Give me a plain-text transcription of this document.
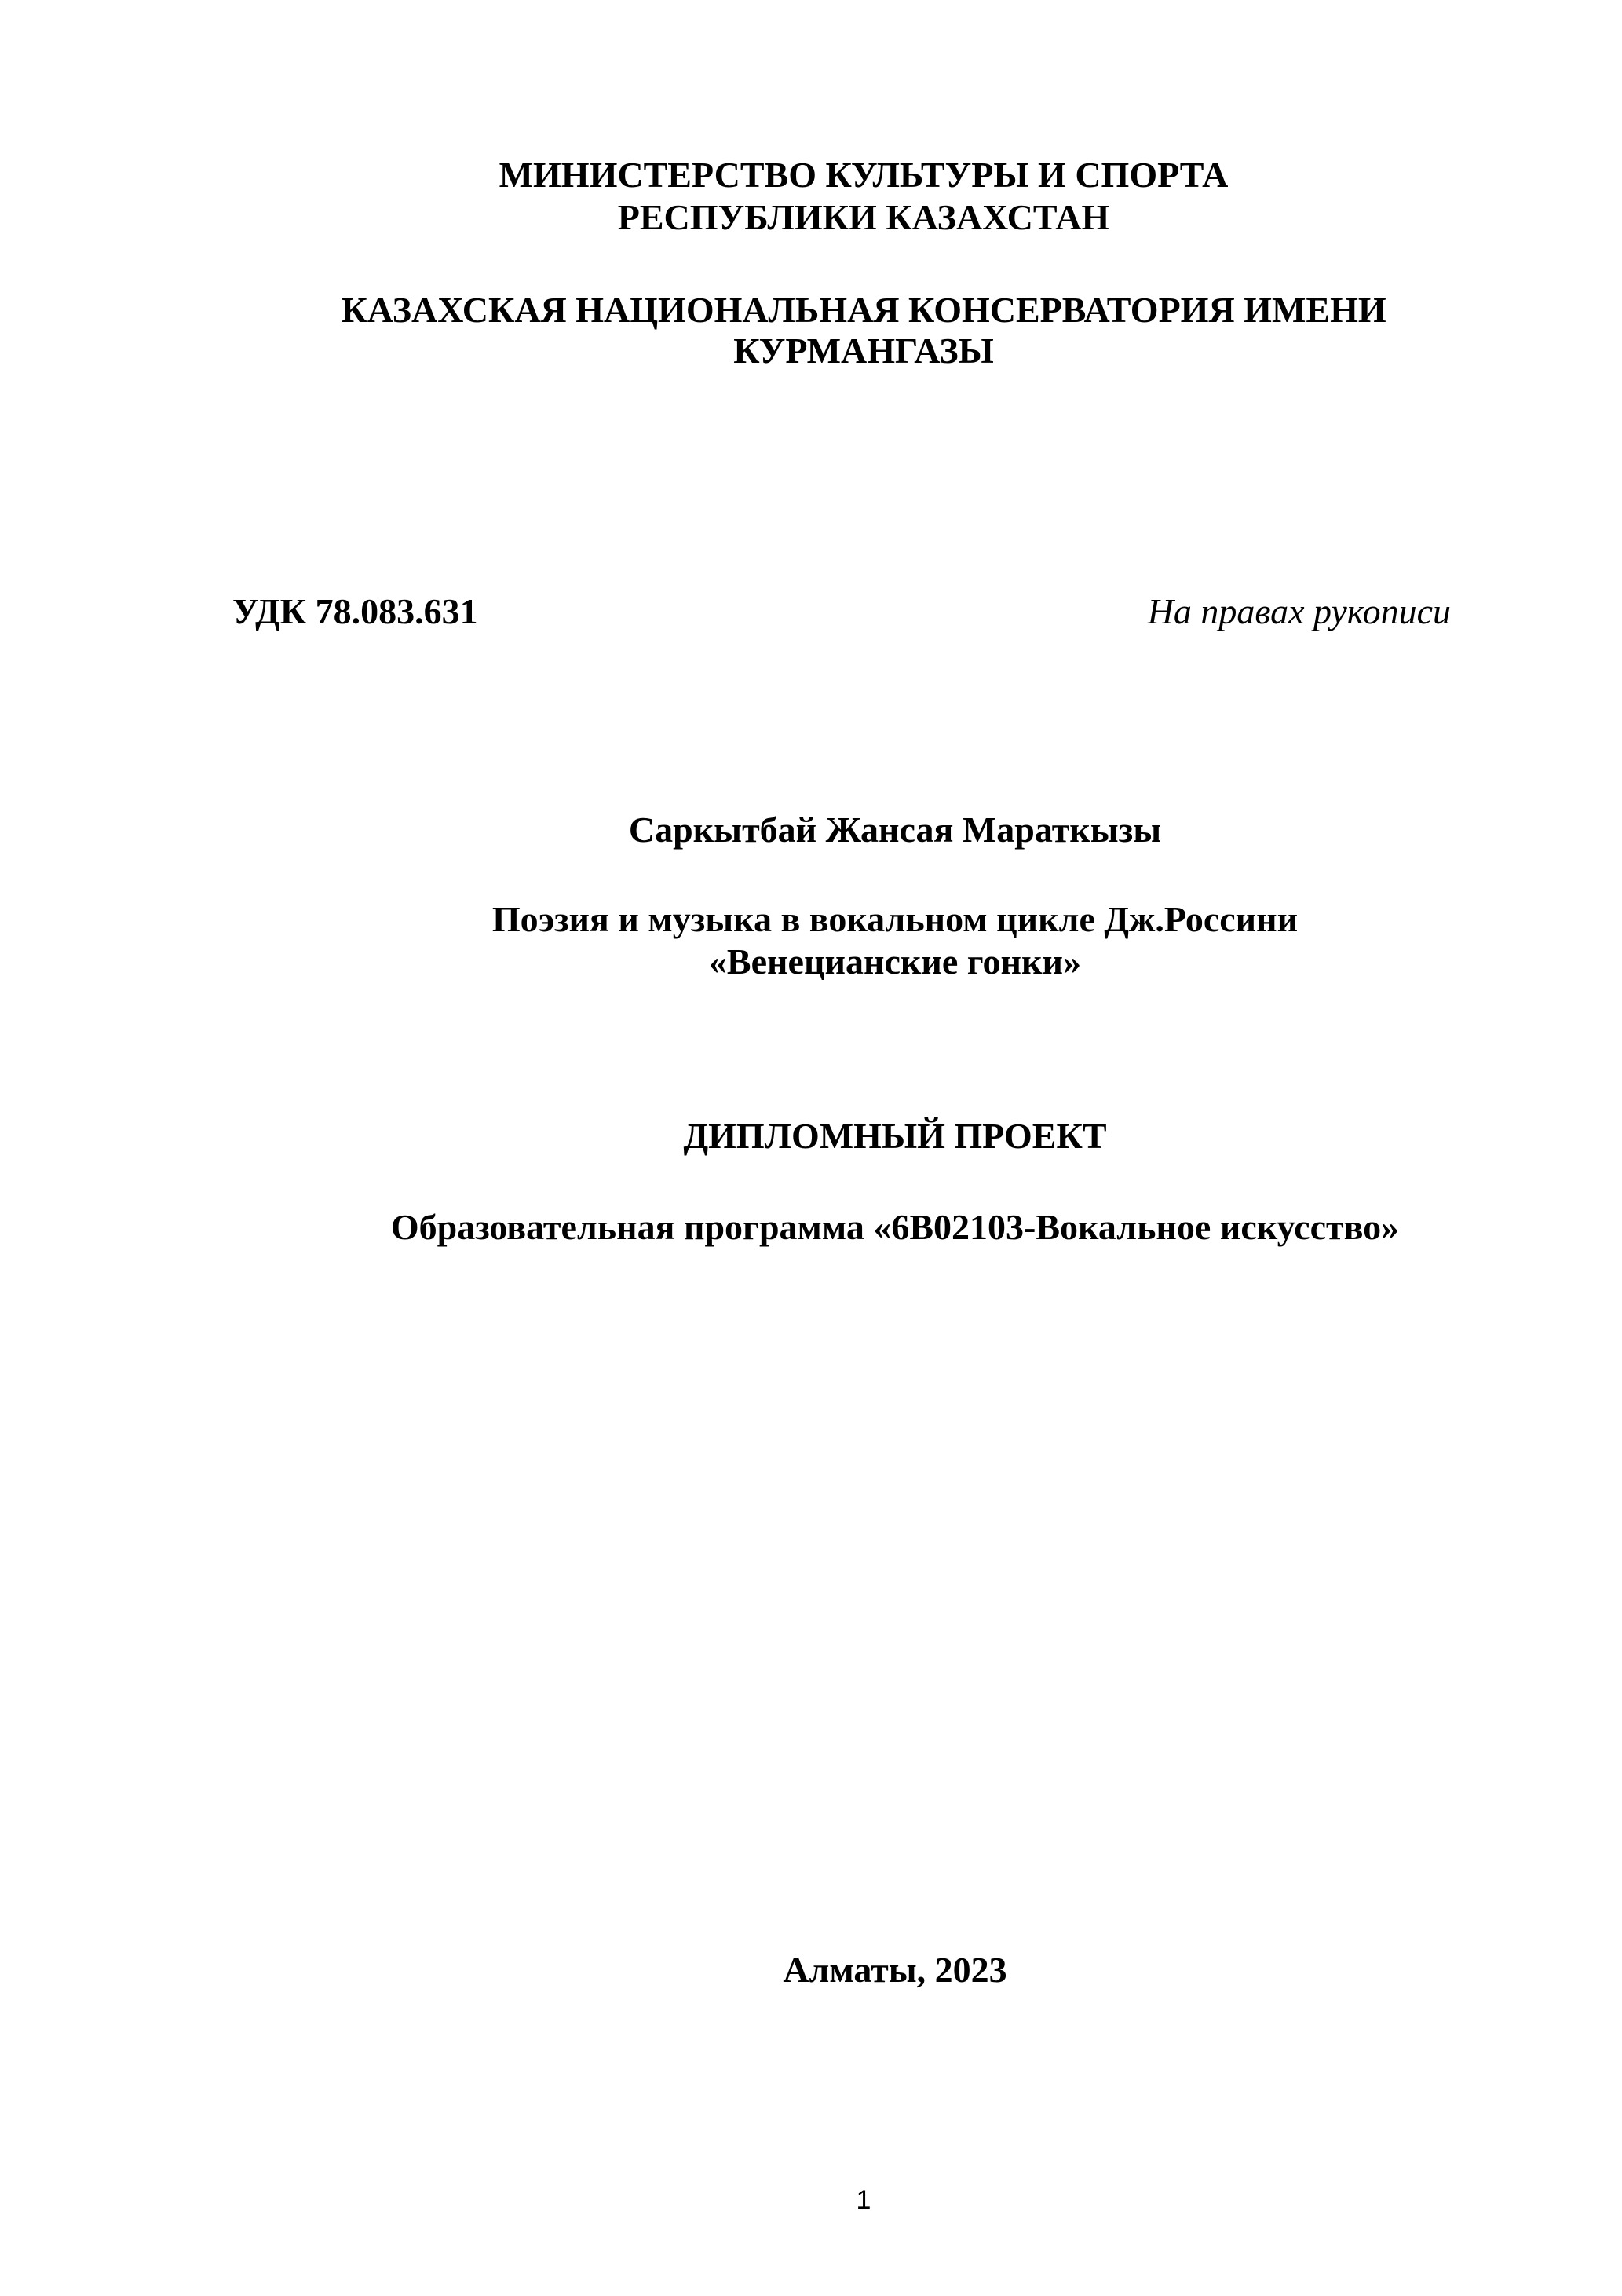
МИНИСТЕРСТВО КУЛЬТУРЫ И СПОРТА
РЕСПУБЛИКИ КАЗАХСТАН
КАЗАХСКАЯ НАЦИОНАЛЬНАЯ КОНСЕРВАТОРИЯ ИМЕНИ
КУРМАНГАЗЫ
УДК 78.083.631	На правах рукописи
Саркытбай Жансая Мараткызы
Поэзия и музыка в вокальном цикле Дж.Россини
«Венецианские гонки»
ДИПЛОМНЫЙ ПРОЕКТ
Образовательная программа «6В02103-Вокальное искусство»
Алматы, 2023
1
